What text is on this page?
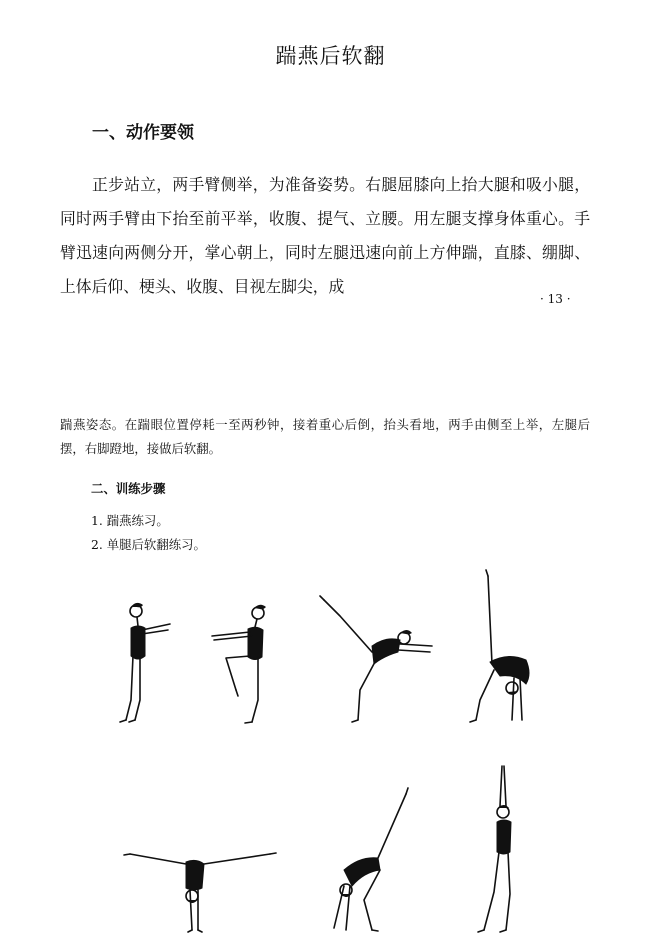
踹燕后软翻
一、动作要领

正步站立，两手臂侧举，为准备姿势。右腿屈膝向上抬大腿和吸小腿，同时两手臂由下抬至前平举，收腹、提气、立腰。用左腿支撑身体重心。手臂迅速向两侧分开，掌心朝上，同时左腿迅速向前上方伸踹，直膝、绷脚、上体后仰、梗头、收腹、目视左脚尖，成

· 13 ·

踹燕姿态。在踹眼位置停耗一至两秒钟，接着重心后倒，抬头看地，两手由侧至上举，左腿后摆，右脚蹬地，接做后软翻。

二、训练步骤
1. 踹燕练习。
2. 单腿后软翻练习。
